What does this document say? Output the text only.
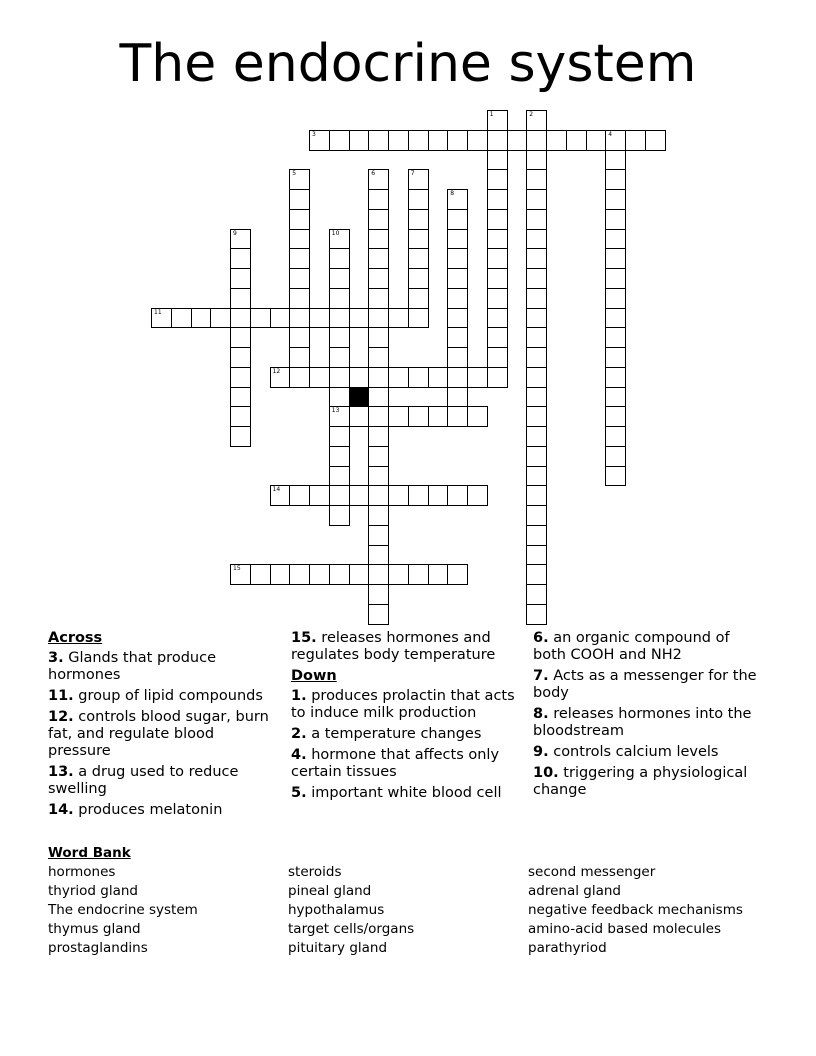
The endocrine system
1	2
3	4
5	6	7
8
9	10
13
11
12
14
15
Across
3. Glands that produce hormones
11. group of lipid compounds
12. controls blood sugar, burn fat, and regulate blood pressure
13. a drug used to reduce swelling
14. produces melatonin
15. releases hormones and regulates body temperature
Down
1. produces prolactin that acts to induce milk production
2. a temperature changes
4. hormone that affects only certain tissues
5. important white blood cell
6. an organic compound of both COOH and NH2
7. Acts as a messenger for the body
8. releases hormones into the bloodstream
9. controls calcium levels
10. triggering a physiological change
Word Bank
hormones
thyriod gland
The endocrine system
thymus gland
prostaglandins
steroids
pineal gland
hypothalamus
target cells/organs
pituitary gland
second messenger
adrenal gland
negative feedback mechanisms
amino-acid based molecules
parathyriod
